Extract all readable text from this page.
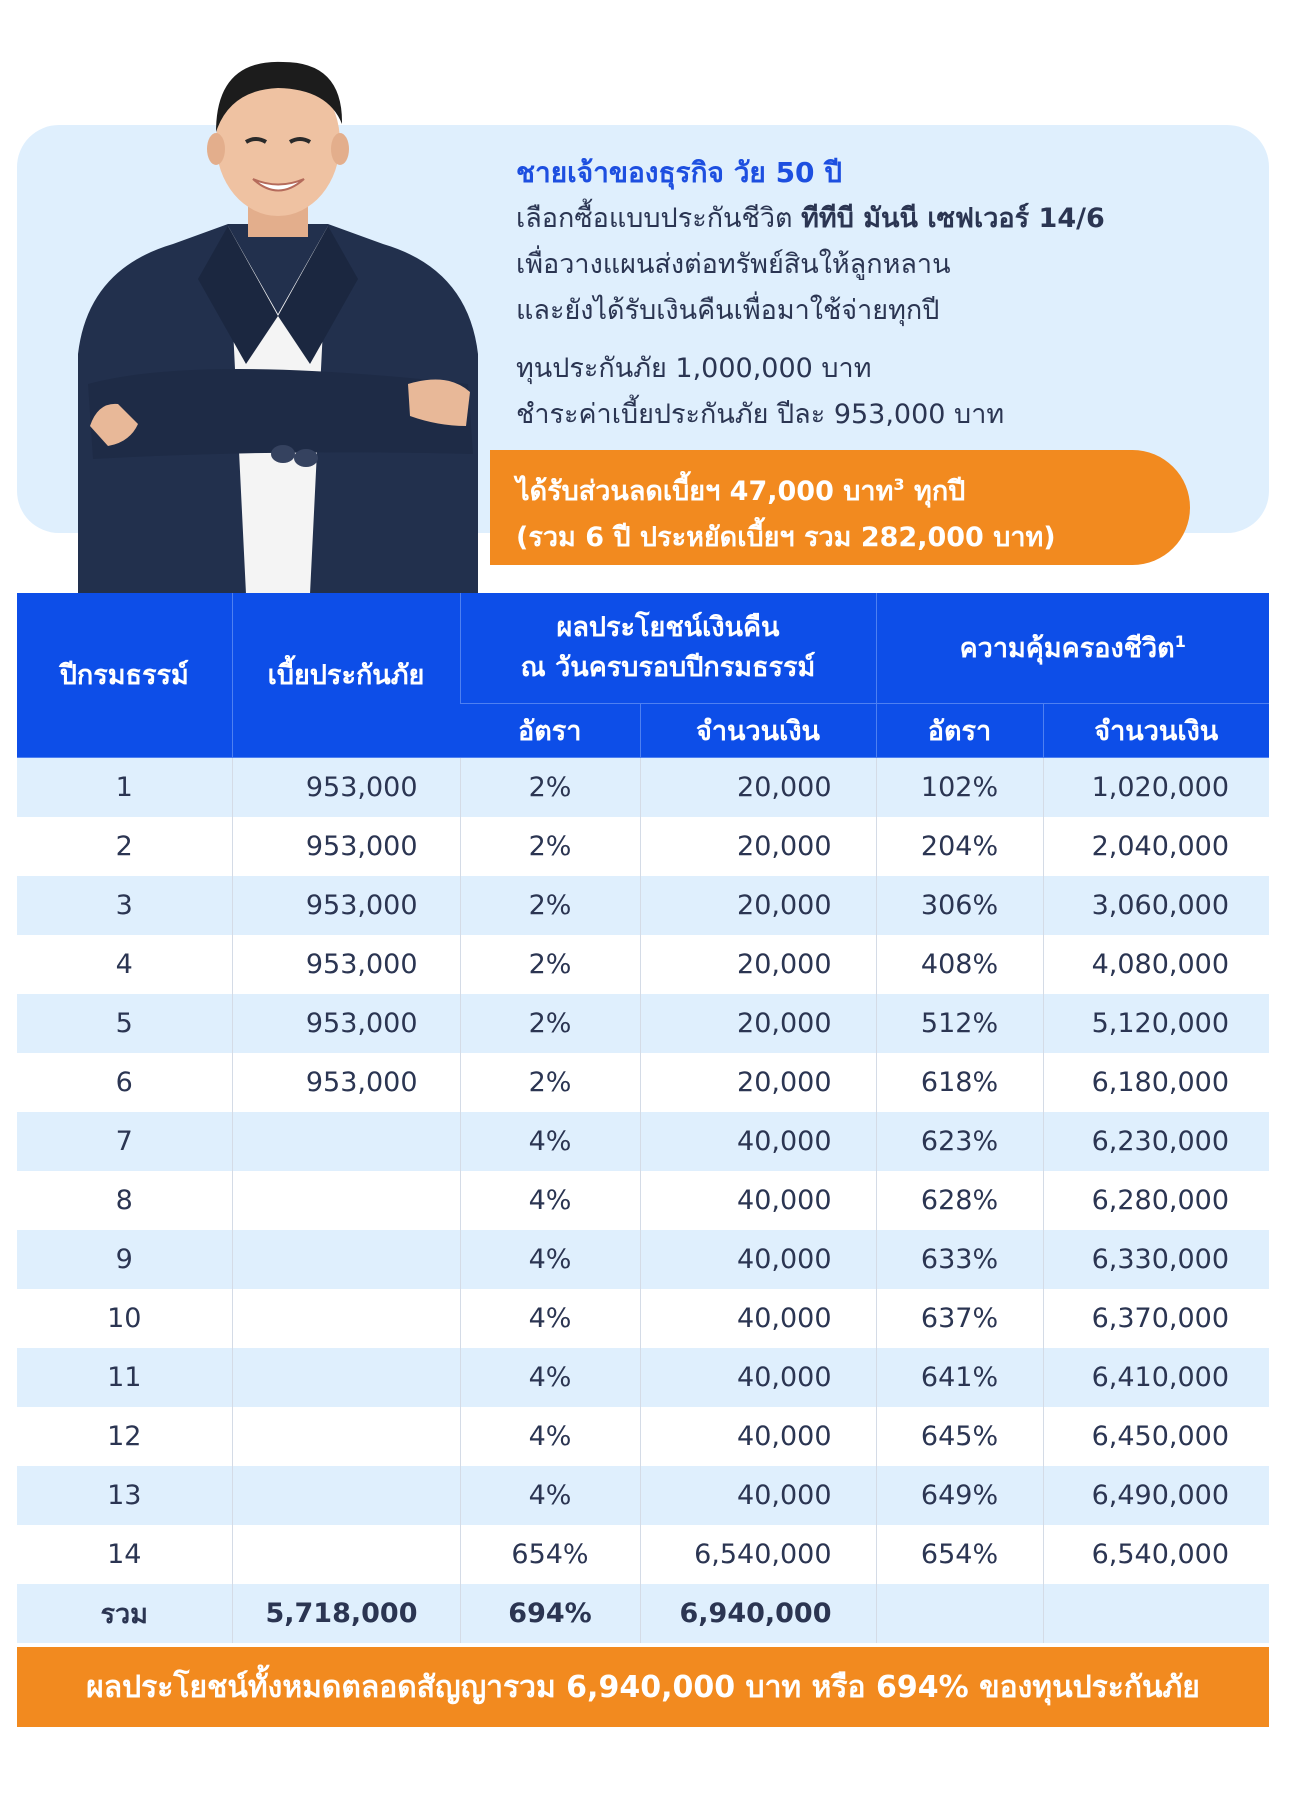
ชายเจ้าของธุรกิจ วัย 50 ปี
เลือกซื้อแบบประกันชีวิต ทีทีบี มันนี เซฟเวอร์ 14/6
เพื่อวางแผนส่งต่อทรัพย์สินให้ลูกหลาน
และยังได้รับเงินคืนเพื่อมาใช้จ่ายทุกปี
ทุนประกันภัย 1,000,000 บาท
ชำระค่าเบี้ยประกันภัย ปีละ 953,000 บาท
ได้รับส่วนลดเบี้ยฯ 47,000 บาท$^3$ ทุกปี
(รวม 6 ปี ประหยัดเบี้ยฯ รวม 282,000 บาท)
ปีกรมธรรม์	เบี้ยประกันภัย	ผลประโยชน์เงินคืน
ณ วันครบรอบปีกรมธรรม์		ความคุ้มครองชีวิต$^1$
		อัตรา	จำนวนเงิน	อัตรา	จำนวนเงิน
1	953,000	2%	20,000	102%	1,020,000
2	953,000	2%	20,000	204%	2,040,000
3	953,000	2%	20,000	306%	3,060,000
4	953,000	2%	20,000	408%	4,080,000
5	953,000	2%	20,000	512%	5,120,000
6	953,000	2%	20,000	618%	6,180,000
7		4%	40,000	623%	6,230,000
8		4%	40,000	628%	6,280,000
9		4%	40,000	633%	6,330,000
10		4%	40,000	637%	6,370,000
11		4%	40,000	641%	6,410,000
12		4%	40,000	645%	6,450,000
13		4%	40,000	649%	6,490,000
14		654%	6,540,000	654%	6,540,000
รวม	5,718,000	694%	6,940,000		
ผลประโยชน์ทั้งหมดตลอดสัญญารวม 6,940,000 บาท หรือ 694% ของทุนประกันภัย
